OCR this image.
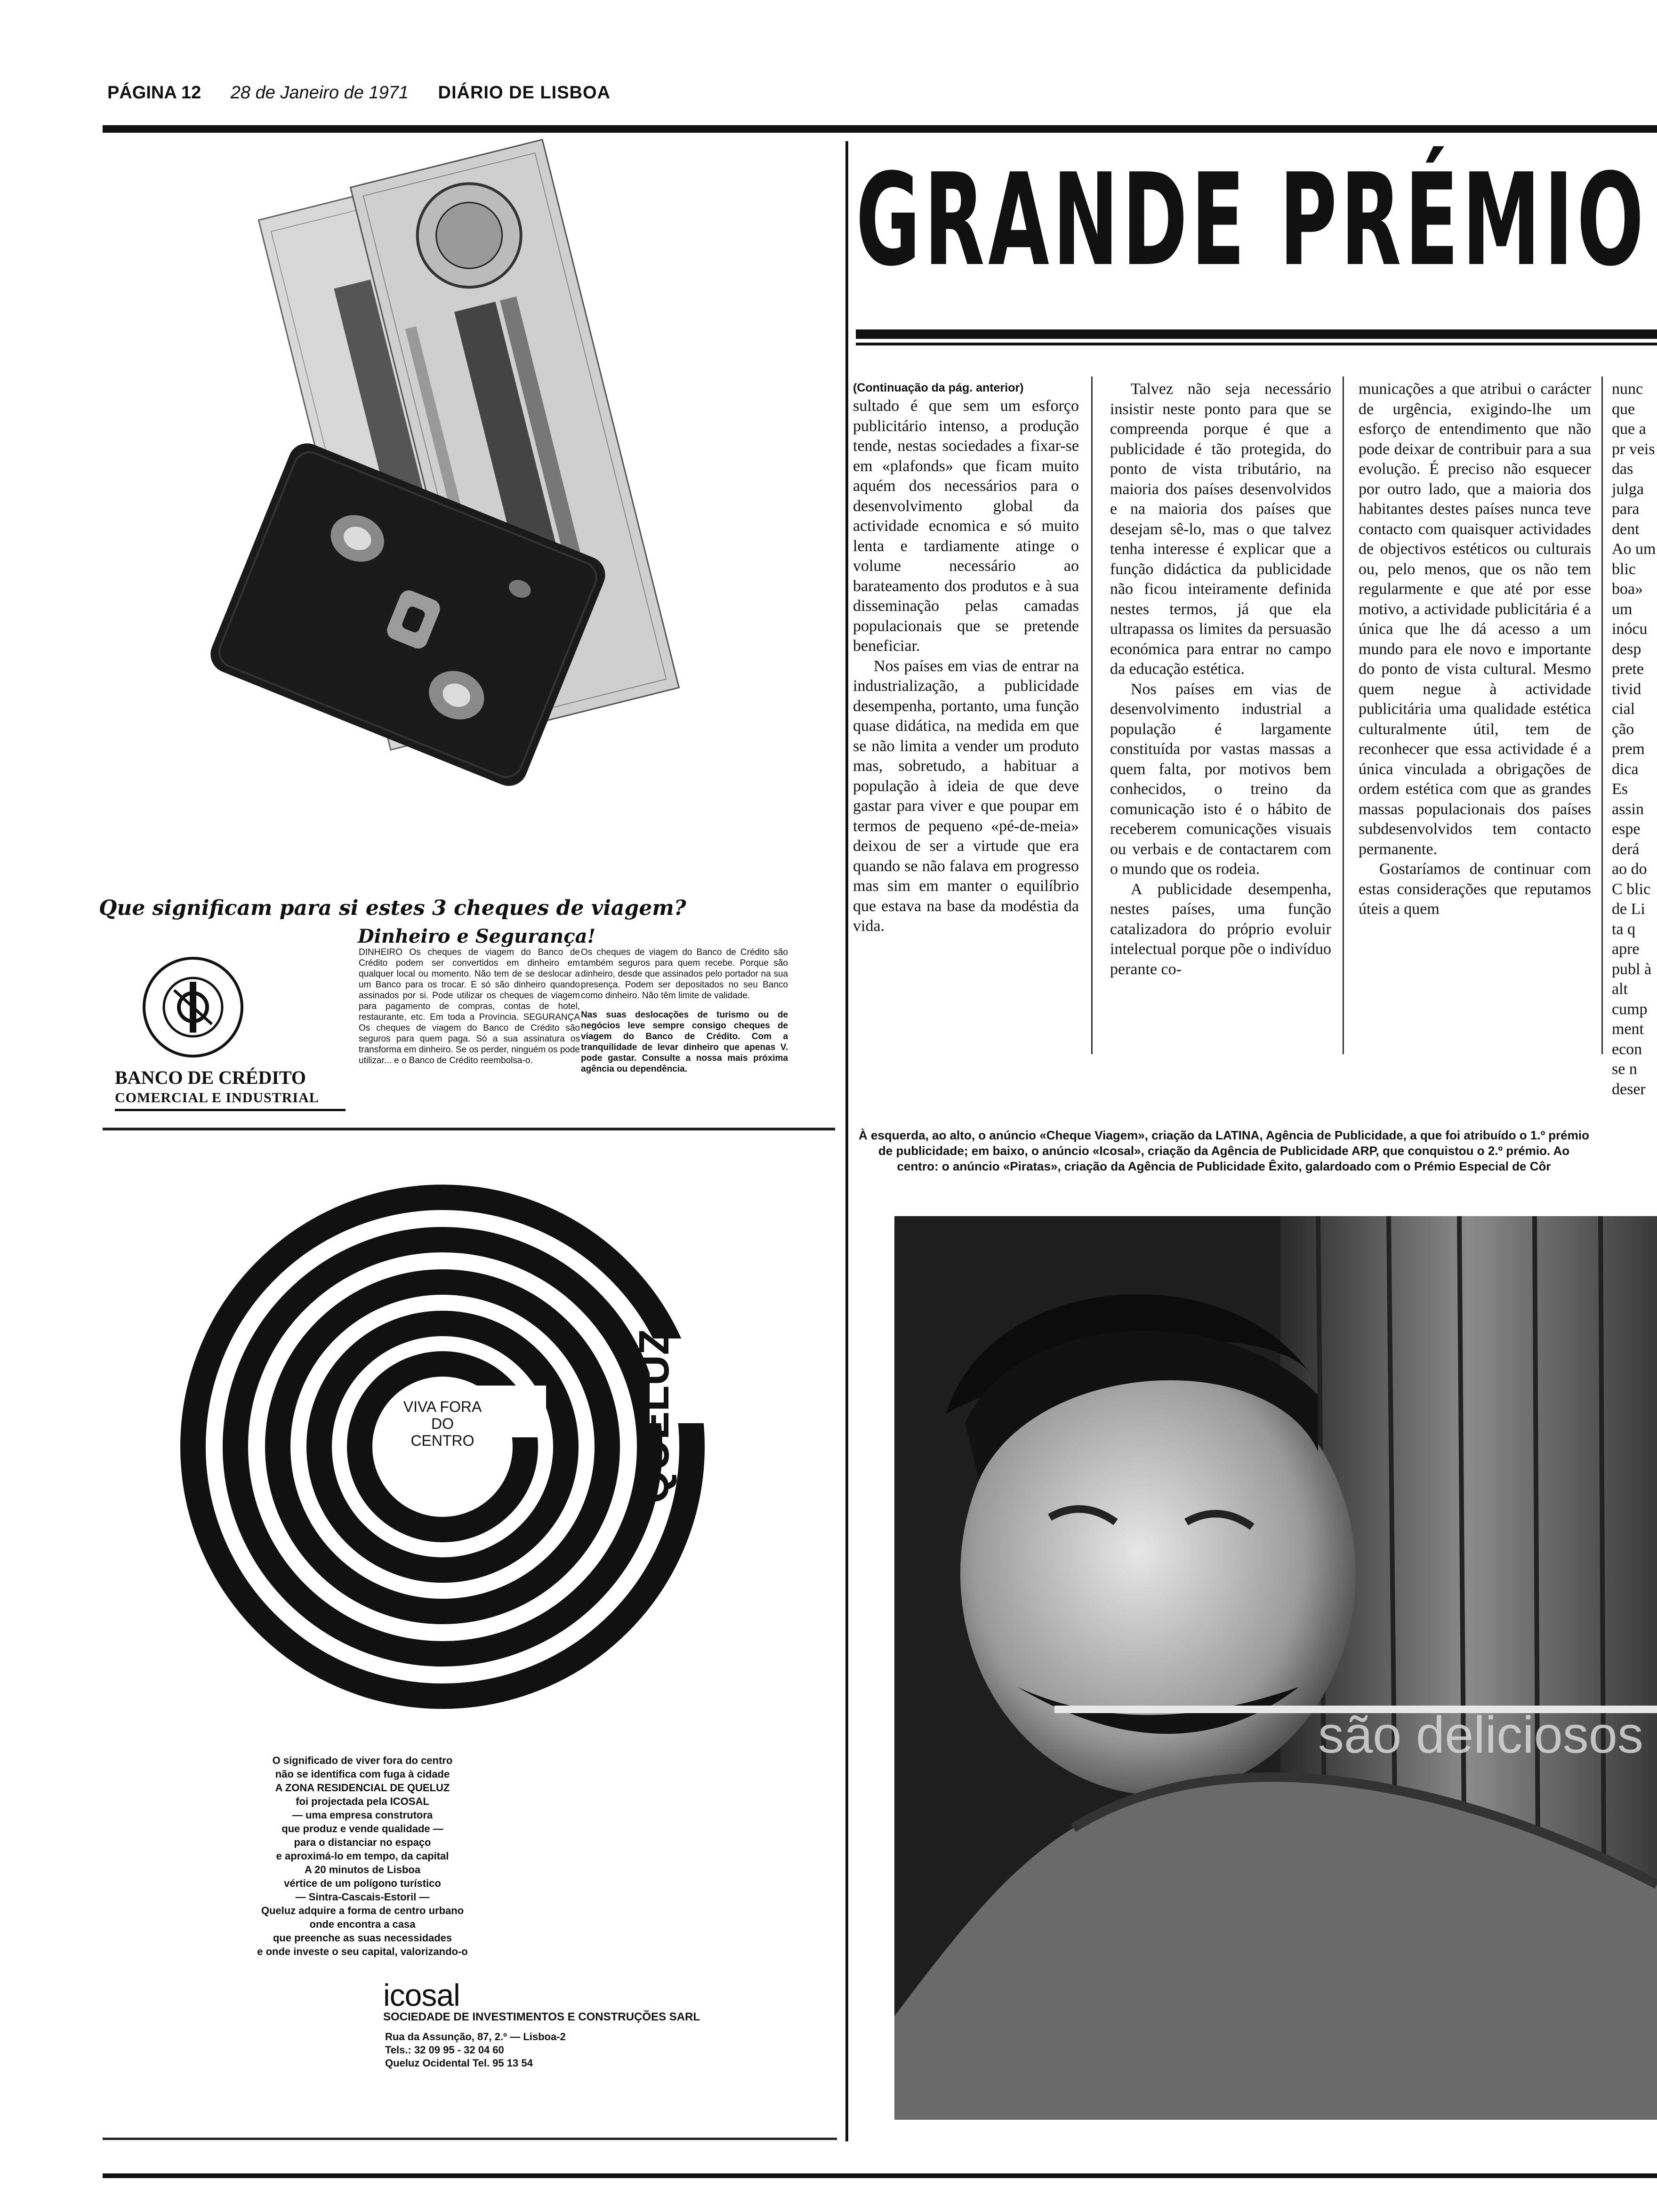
PÁGINA 12 28 de Janeiro de 1971 DIÁRIO DE LISBOA
Que significam para si estes 3 cheques de viagem?
Dinheiro e Segurança!
BANCO DE CRÉDITO
COMERCIAL E INDUSTRIAL
DINHEIRO Os cheques de viagem do Banco de Crédito podem ser convertidos em dinheiro em qualquer local ou momento. Não tem de se deslocar a um Banco para os trocar. E só são dinheiro quando assinados por si. Pode utilizar os cheques de viagem para pagamento de compras, contas de hotel, restaurante, etc. Em toda a Província. SEGURANÇA Os cheques de viagem do Banco de Crédito são seguros para quem paga. Só a sua assinatura os transforma em dinheiro. Se os perder, ninguém os pode utilizar... e o Banco de Crédito reembolsa-o.
Os cheques de viagem do Banco de Crédito são também seguros para quem recebe. Porque são dinheiro, desde que assinados pelo portador na sua presença. Podem ser depositados no seu Banco como dinheiro. Não têm limite de validade.
Nas suas deslocações de turismo ou de negócios leve sempre consigo cheques de viagem do Banco de Crédito. Com a tranquilidade de levar dinheiro que apenas V. pode gastar. Consulte a nossa mais próxima agência ou dependência.
QUELUZ
VIVA FORA
DO
CENTRO
O significado de viver fora do centro
não se identifica com fuga à cidade
A ZONA RESIDENCIAL DE QUELUZ
foi projectada pela ICOSAL
— uma empresa construtora
que produz e vende qualidade —
para o distanciar no espaço
e aproximá-lo em tempo, da capital
A 20 minutos de Lisboa
vértice de um polígono turístico
— Sintra-Cascais-Estoril —
Queluz adquire a forma de centro urbano
onde encontra a casa
que preenche as suas necessidades
e onde investe o seu capital, valorizando-o
icosal
SOCIEDADE DE INVESTIMENTOS E CONSTRUÇÕES SARL
Rua da Assunção, 87, 2.º — Lisboa-2
Tels.: 32 09 95 - 32 04 60
Queluz Ocidental Tel. 95 13 54
GRANDE PRÉMIO

(Continuação da pág. anterior)

sultado é que sem um esforço publicitário intenso, a produção tende, nestas sociedades a fixar-se em «plafonds» que ficam muito aquém dos necessários para o desenvolvimento global da actividade ecnomica e só muito lenta e tardiamente atinge o volume necessário ao barateamento dos produtos e à sua disseminação pelas camadas populacionais que se pretende beneficiar.

Nos países em vias de entrar na industrialização, a publicidade desempenha, portanto, uma função quase didática, na medida em que se não limita a vender um produto mas, sobretudo, a habituar a população à ideia de que deve gastar para viver e que poupar em termos de pequeno «pé-de-meia» deixou de ser a virtude que era quando se não falava em progresso mas sim em manter o equilíbrio que estava na base da modéstia da vida.

Talvez não seja necessário insistir neste ponto para que se compreenda porque é que a publicidade é tão protegida, do ponto de vista tributário, na maioria dos países desenvolvidos e na maioria dos países que desejam sê-lo, mas o que talvez tenha interesse é explicar que a função didáctica da publicidade não ficou inteiramente definida nestes termos, já que ela ultrapassa os limites da persuasão económica para entrar no campo da educação estética.

Nos países em vias de desenvolvimento industrial a população é largamente constituída por vastas massas a quem falta, por motivos bem conhecidos, o treino da comunicação isto é o hábito de receberem comunicações visuais ou verbais e de contactarem com o mundo que os rodeia.

A publicidade desempenha, nestes países, uma função catalizadora do próprio evoluir intelectual porque põe o indivíduo perante co-

municações a que atribui o carácter de urgência, exigindo-lhe um esforço de entendimento que não pode deixar de contribuir para a sua evolução. É preciso não esquecer por outro lado, que a maioria dos habitantes destes países nunca teve contacto com quaisquer actividades de objectivos estéticos ou culturais ou, pelo menos, que os não tem regularmente e que até por esse motivo, a actividade publicitária é a única que lhe dá acesso a um mundo para ele novo e importante do ponto de vista cultural. Mesmo quem negue à actividade publicitária uma qualidade estética culturalmente útil, tem de reconhecer que essa actividade é a única vinculada a obrigações de ordem estética com que as grandes massas populacionais dos países subdesenvolvidos tem contacto permanente.

Gostaríamos de continuar com estas considerações que reputamos úteis a quem

nunc que que a pr veis das julga para dent Ao um blic boa» um inócu desp prete tivid cial ção prem dica Es assin espe derá ao do C blic de Li ta q apre publ à alt cump ment econ se n deser
À esquerda, ao alto, o anúncio «Cheque Viagem», criação da LATINA, Agência de Publicidade, a que foi atribuído o 1.º prémio de publicidade; em baixo, o anúncio «Icosal», criação da Agência de Publicidade ARP, que conquistou o 2.º prémio. Ao centro: o anúncio «Piratas», criação da Agência de Publicidade Êxito, galardoado com o Prémio Especial de Côr
são deliciosos
